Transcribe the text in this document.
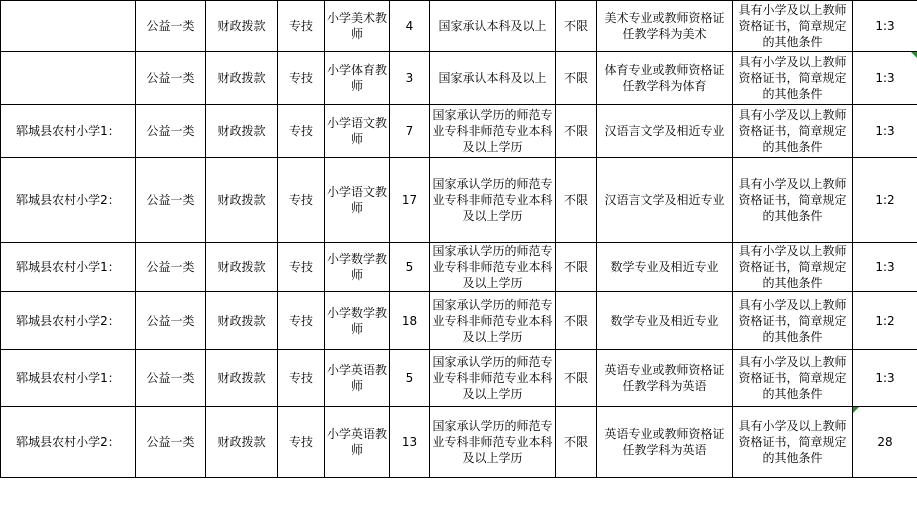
	公益一类	财政拨款	专技	小学美术教师	4	国家承认本科及以上	不限	美术专业或教师资格证任教学科为美术	具有小学及以上教师资格证书，简章规定的其他条件	1:3
	公益一类	财政拨款	专技	小学体育教师	3	国家承认本科及以上	不限	体育专业或教师资格证任教学科为体育	具有小学及以上教师资格证书，简章规定的其他条件	1:3

郓城县农村小学1：	公益一类	财政拨款	专技	小学语文教师	7	国家承认学历的师范专业专科非师范专业本科及以上学历	不限	汉语言文学及相近专业	具有小学及以上教师资格证书，简章规定的其他条件	1:3
郓城县农村小学2：	公益一类	财政拨款	专技	小学语文教师	17	国家承认学历的师范专业专科非师范专业本科及以上学历	不限	汉语言文学及相近专业	具有小学及以上教师资格证书，简章规定的其他条件	1:2
郓城县农村小学1：	公益一类	财政拨款	专技	小学数学教师	5	国家承认学历的师范专业专科非师范专业本科及以上学历	不限	数学专业及相近专业	具有小学及以上教师资格证书，简章规定的其他条件	1:3
郓城县农村小学2：	公益一类	财政拨款	专技	小学数学教师	18	国家承认学历的师范专业专科非师范专业本科及以上学历	不限	数学专业及相近专业	具有小学及以上教师资格证书，简章规定的其他条件	1:2
郓城县农村小学1：	公益一类	财政拨款	专技	小学英语教师	5	国家承认学历的师范专业专科非师范专业本科及以上学历	不限	英语专业或教师资格证任教学科为英语	具有小学及以上教师资格证书，简章规定的其他条件	1:3
郓城县农村小学2：	公益一类	财政拨款	专技	小学英语教师	13	国家承认学历的师范专业专科非师范专业本科及以上学历	不限	英语专业或教师资格证任教学科为英语	具有小学及以上教师资格证书，简章规定的其他条件	28
